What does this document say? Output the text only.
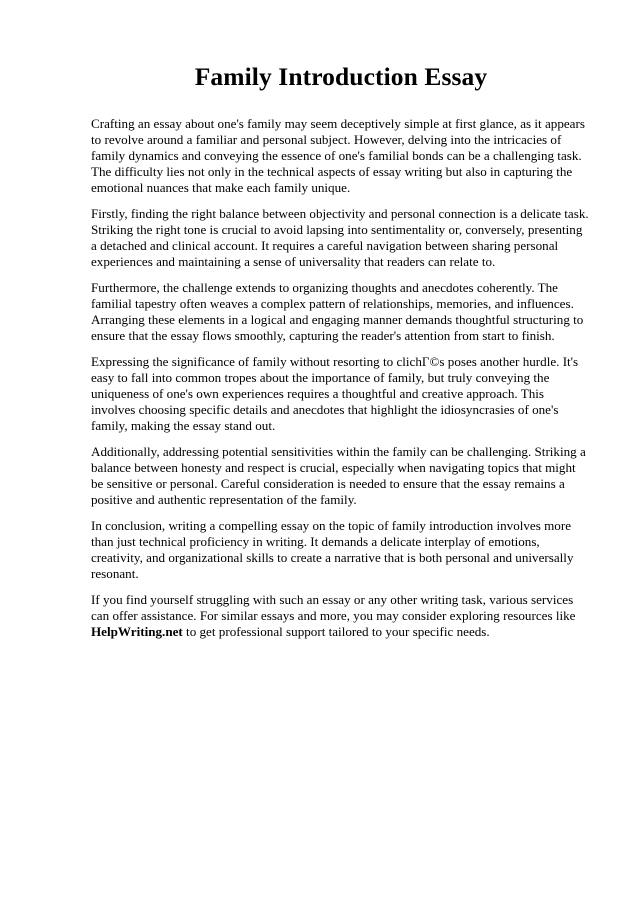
Family Introduction Essay

Crafting an essay about one's family may seem deceptively simple at first glance, as it appears to revolve around a familiar and personal subject. However, delving into the intricacies of family dynamics and conveying the essence of one's familial bonds can be a challenging task. The difficulty lies not only in the technical aspects of essay writing but also in capturing the emotional nuances that make each family unique.

Firstly, finding the right balance between objectivity and personal connection is a delicate task. Striking the right tone is crucial to avoid lapsing into sentimentality or, conversely, presenting a detached and clinical account. It requires a careful navigation between sharing personal experiences and maintaining a sense of universality that readers can relate to.

Furthermore, the challenge extends to organizing thoughts and anecdotes coherently. The familial tapestry often weaves a complex pattern of relationships, memories, and influences. Arranging these elements in a logical and engaging manner demands thoughtful structuring to ensure that the essay flows smoothly, capturing the reader's attention from start to finish.

Expressing the significance of family without resorting to clichΓ©s poses another hurdle. It's easy to fall into common tropes about the importance of family, but truly conveying the uniqueness of one's own experiences requires a thoughtful and creative approach. This involves choosing specific details and anecdotes that highlight the idiosyncrasies of one's family, making the essay stand out.

Additionally, addressing potential sensitivities within the family can be challenging. Striking a balance between honesty and respect is crucial, especially when navigating topics that might be sensitive or personal. Careful consideration is needed to ensure that the essay remains a positive and authentic representation of the family.

In conclusion, writing a compelling essay on the topic of family introduction involves more than just technical proficiency in writing. It demands a delicate interplay of emotions, creativity, and organizational skills to create a narrative that is both personal and universally resonant.

If you find yourself struggling with such an essay or any other writing task, various services can offer assistance. For similar essays and more, you may consider exploring resources like HelpWriting.net to get professional support tailored to your specific needs.
